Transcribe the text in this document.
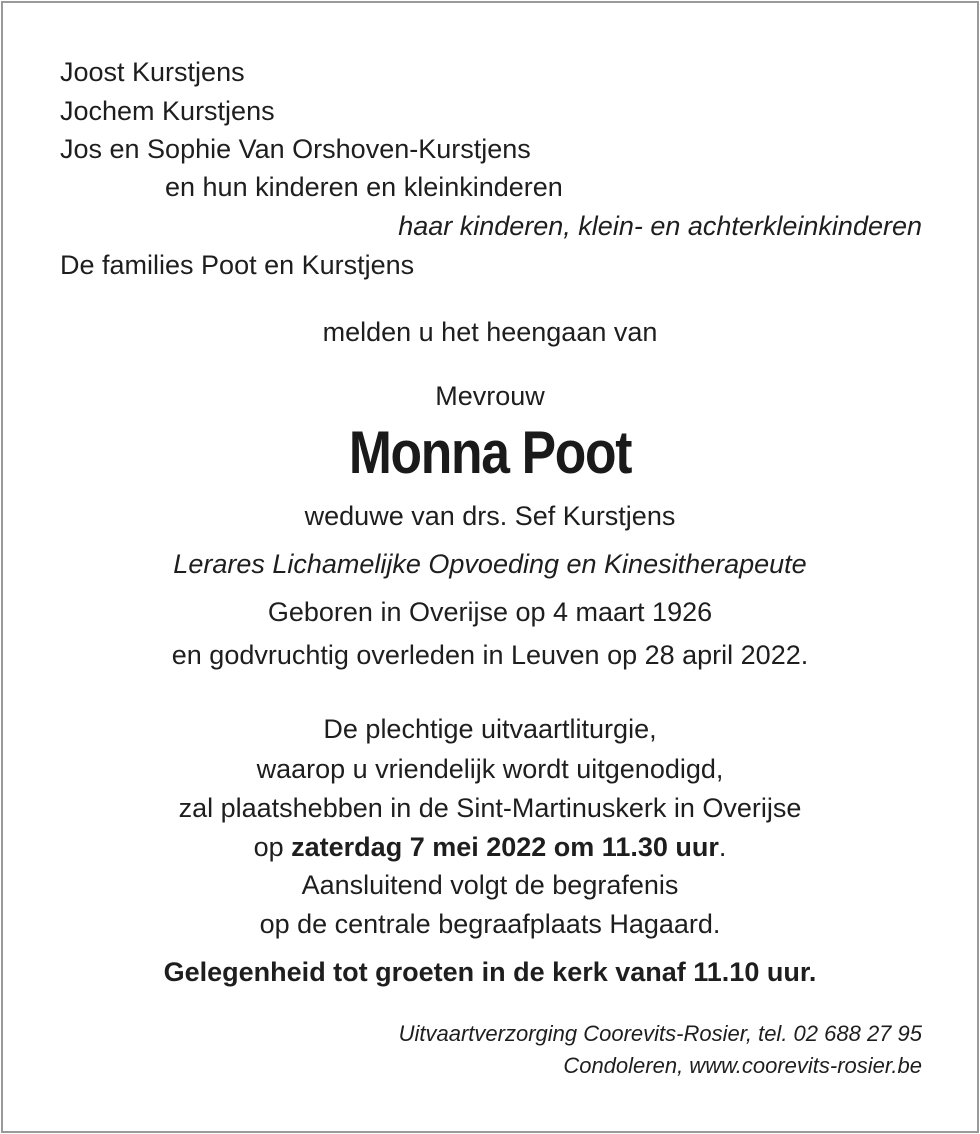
Joost Kurstjens
Jochem Kurstjens
Jos en Sophie Van Orshoven-Kurstjens
en hun kinderen en kleinkinderen
haar kinderen, klein- en achterkleinkinderen
De families Poot en Kurstjens
melden u het heengaan van
Mevrouw
Monna Poot
weduwe van drs. Sef Kurstjens
Lerares Lichamelijke Opvoeding en Kinesitherapeute
Geboren in Overijse op 4 maart 1926
en godvruchtig overleden in Leuven op 28 april 2022.
De plechtige uitvaartliturgie,
waarop u vriendelijk wordt uitgenodigd,
zal plaatshebben in de Sint-Martinuskerk in Overijse
op zaterdag 7 mei 2022 om 11.30 uur.
Aansluitend volgt de begrafenis
op de centrale begraafplaats Hagaard.
Gelegenheid tot groeten in de kerk vanaf 11.10 uur.
Uitvaartverzorging Coorevits-Rosier, tel. 02 688 27 95
Condoleren, www.coorevits-rosier.be
